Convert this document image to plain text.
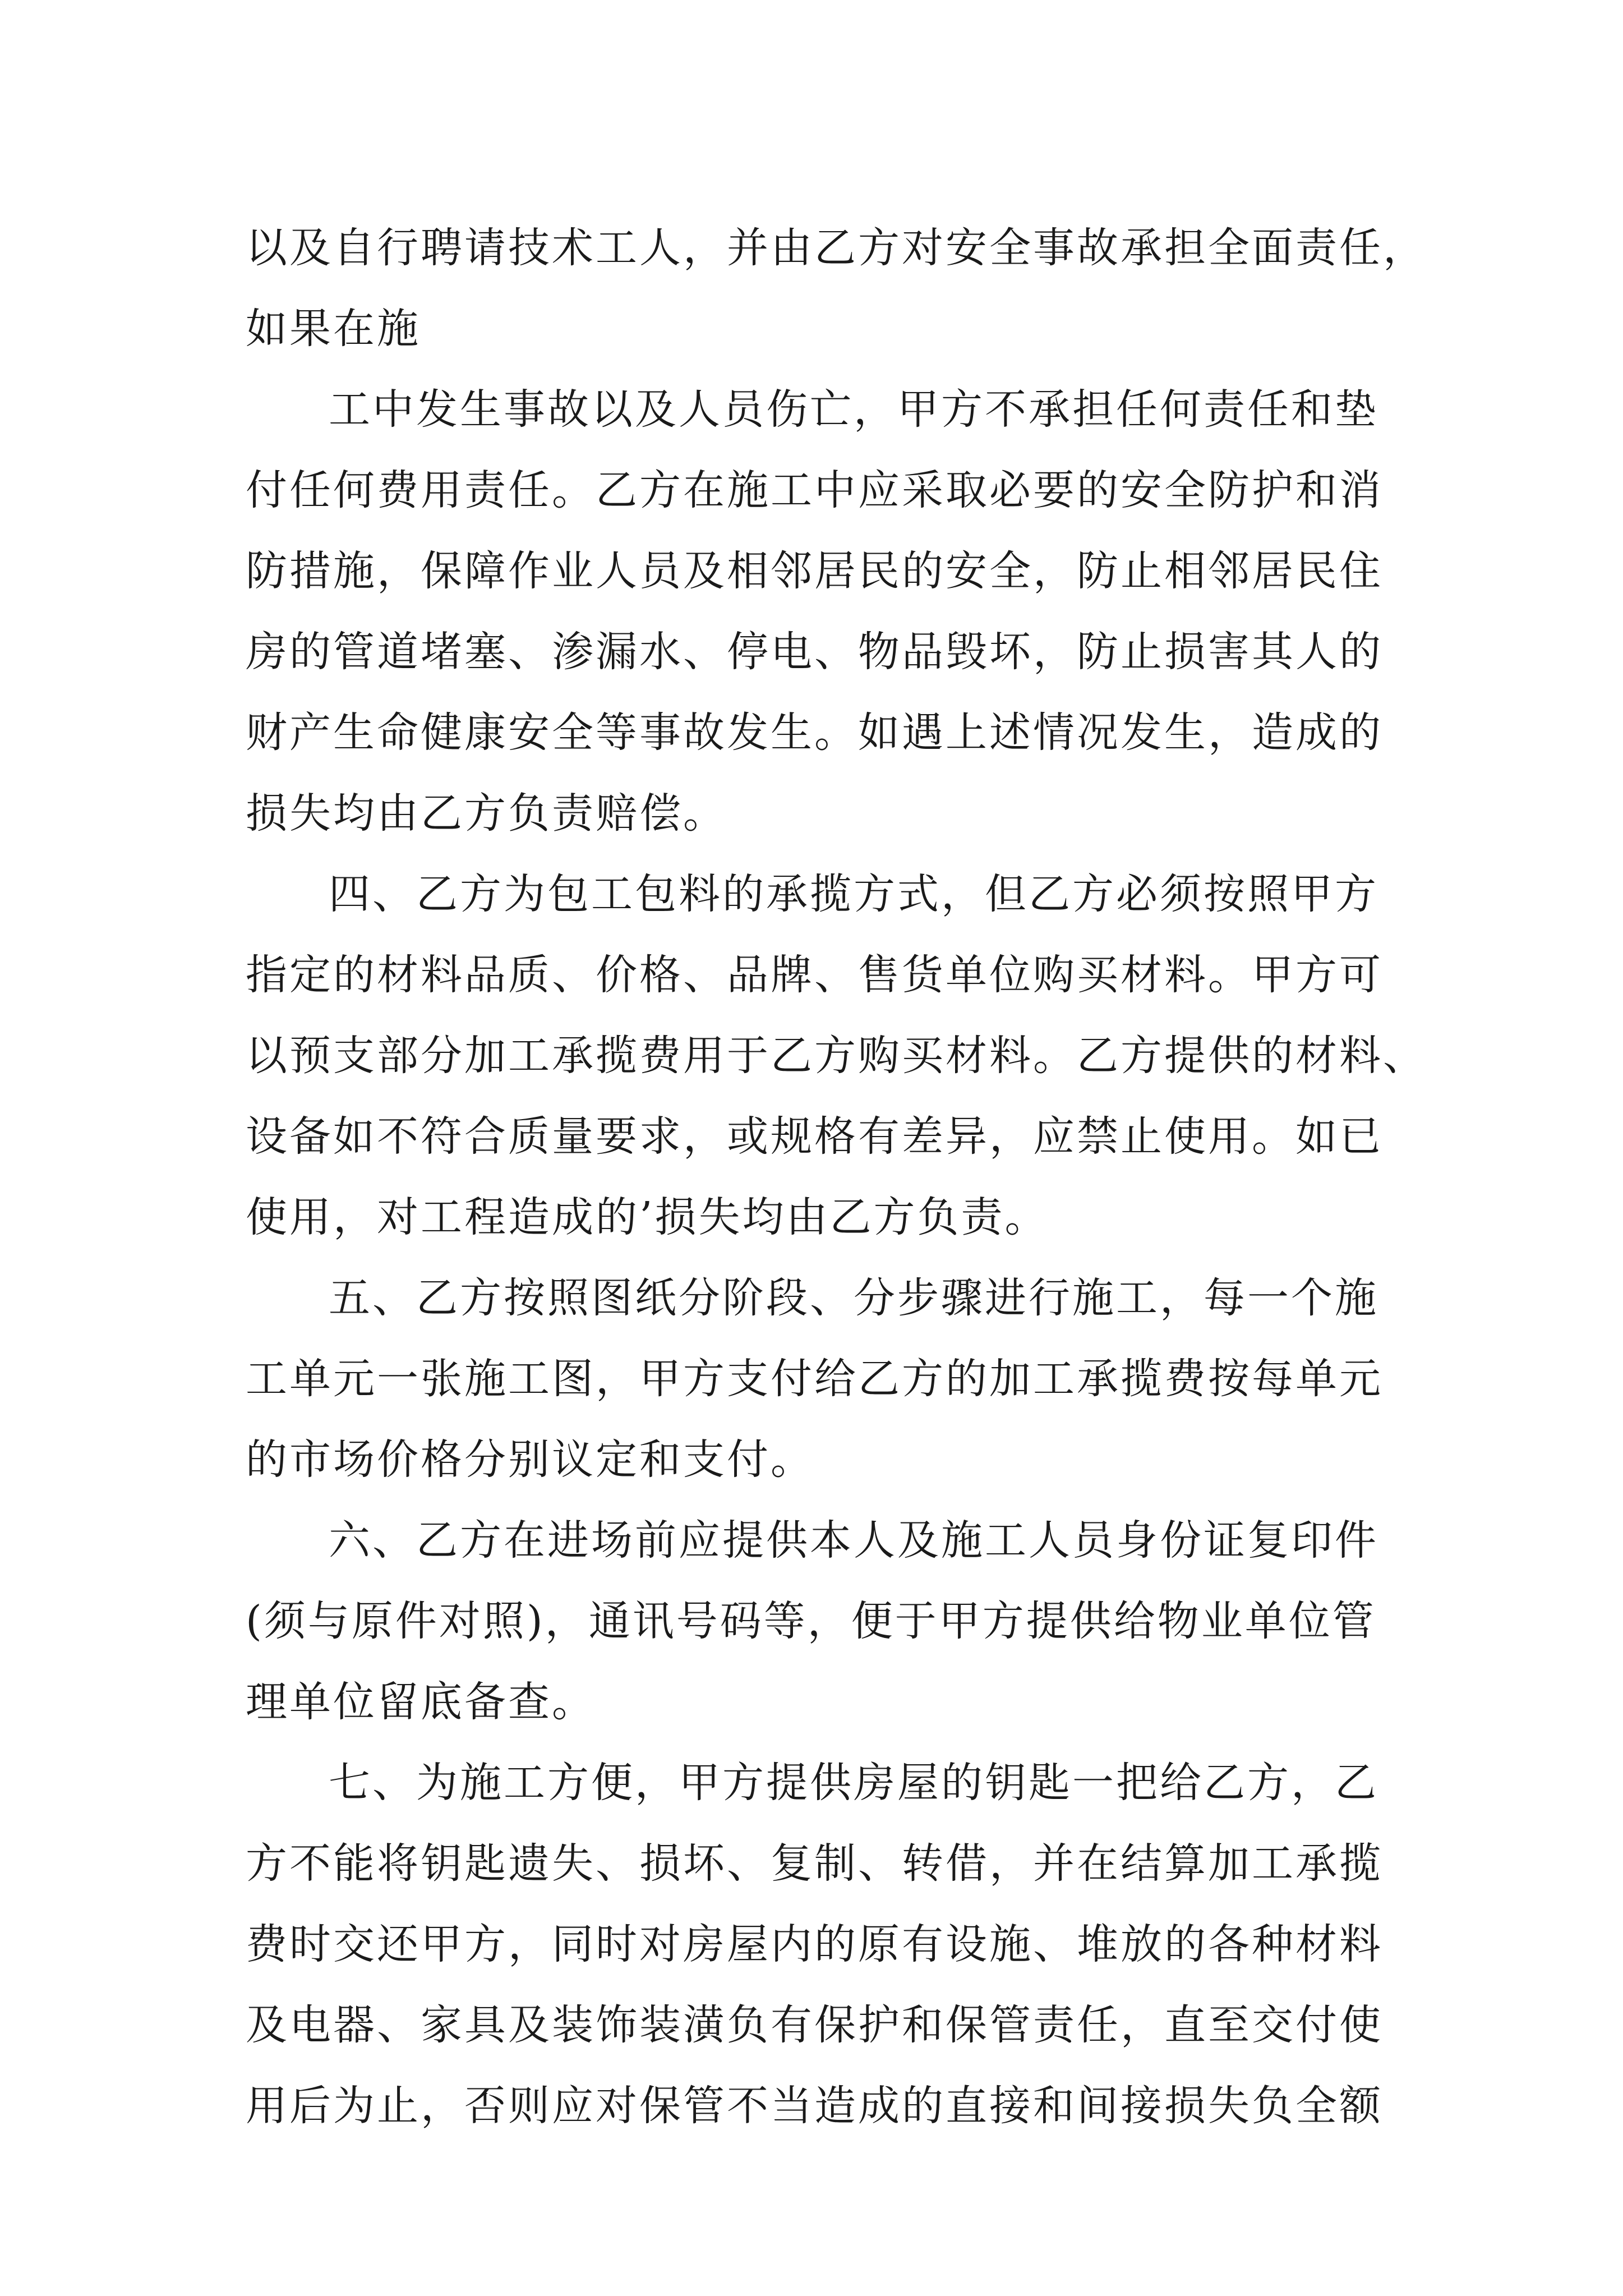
以及自行聘请技术工人，并由乙方对安全事故承担全面责任，
如果在施
工中发生事故以及人员伤亡，甲方不承担任何责任和垫
付任何费用责任。乙方在施工中应采取必要的安全防护和消
防措施，保障作业人员及相邻居民的安全，防止相邻居民住
房的管道堵塞、渗漏水、停电、物品毁坏，防止损害其人的
财产生命健康安全等事故发生。如遇上述情况发生，造成的
损失均由乙方负责赔偿。
四、乙方为包工包料的承揽方式，但乙方必须按照甲方
指定的材料品质、价格、品牌、售货单位购买材料。甲方可
以预支部分加工承揽费用于乙方购买材料。乙方提供的材料、
设备如不符合质量要求，或规格有差异，应禁止使用。如已
使用，对工程造成的’损失均由乙方负责。
五、乙方按照图纸分阶段、分步骤进行施工，每一个施
工单元一张施工图，甲方支付给乙方的加工承揽费按每单元
的市场价格分别议定和支付。
六、乙方在进场前应提供本人及施工人员身份证复印件
(须与原件对照)，通讯号码等，便于甲方提供给物业单位管
理单位留底备查。
七、为施工方便，甲方提供房屋的钥匙一把给乙方，乙
方不能将钥匙遗失、损坏、复制、转借，并在结算加工承揽
费时交还甲方，同时对房屋内的原有设施、堆放的各种材料
及电器、家具及装饰装潢负有保护和保管责任，直至交付使
用后为止，否则应对保管不当造成的直接和间接损失负全额
